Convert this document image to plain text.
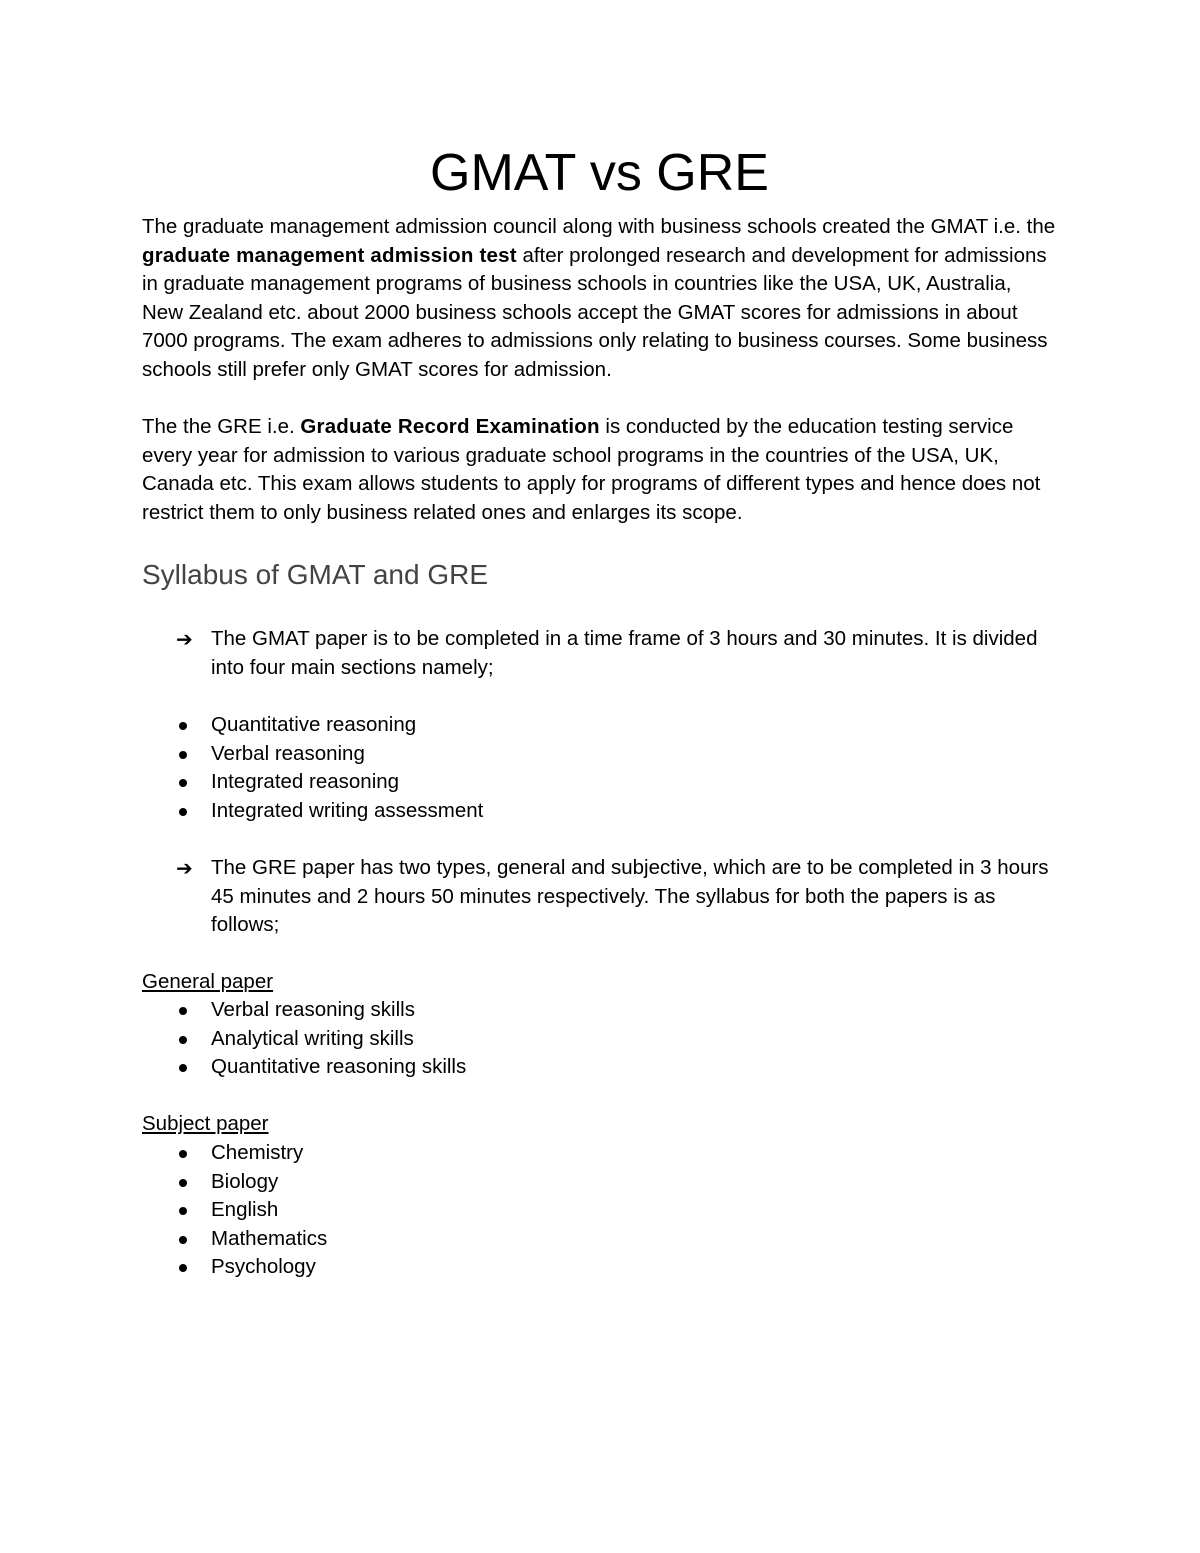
GMAT vs GRE

The graduate management admission council along with business schools created the GMAT i.e. the graduate management admission test after prolonged research and development for admissions in graduate management programs of business schools in countries like the USA, UK, Australia, New Zealand etc. about 2000 business schools accept the GMAT scores for admissions in about 7000 programs. The exam adheres to admissions only relating to business courses. Some business schools still prefer only GMAT scores for admission.

The the GRE i.e. Graduate Record Examination is conducted by the education testing service every year for admission to various graduate school programs in the countries of the USA, UK, Canada etc. This exam allows students to apply for programs of different types and hence does not restrict them to only business related ones and enlarges its scope.

Syllabus of GMAT and GRE
➔ The GMAT paper is to be completed in a time frame of 3 hours and 30 minutes. It is divided into four main sections namely;
Quantitative reasoning
Verbal reasoning
Integrated reasoning
Integrated writing assessment
➔ The GRE paper has two types, general and subjective, which are to be completed in 3 hours 45 minutes and 2 hours 50 minutes respectively. The syllabus for both the papers is as follows;
General paper
Verbal reasoning skills
Analytical writing skills
Quantitative reasoning skills
Subject paper
Chemistry
Biology
English
Mathematics
Psychology
